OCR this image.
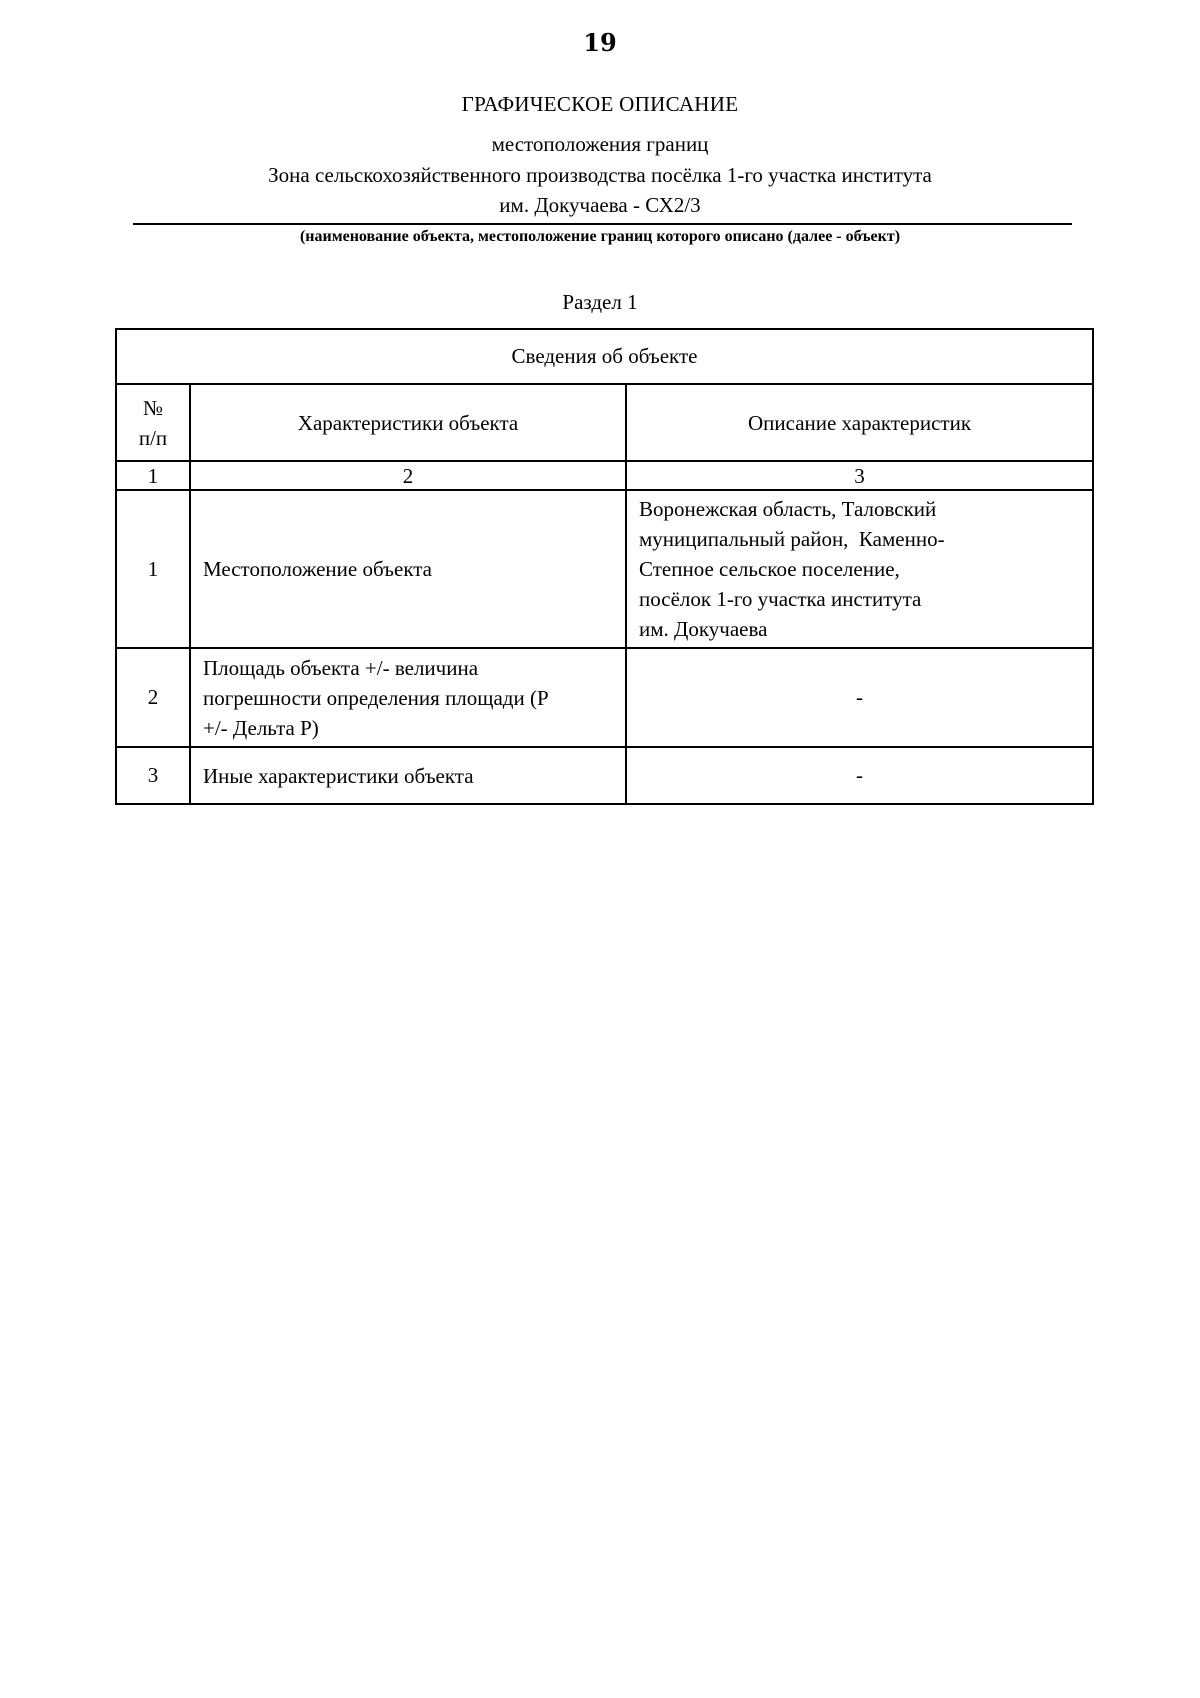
19
ГРАФИЧЕСКОЕ ОПИСАНИЕ
местоположения границ
Зона сельскохозяйственного производства посёлка 1-го участка института
им. Докучаева - СХ2/3
(наименование объекта, местоположение границ которого описано (далее - объект)
Раздел 1
Сведения об объекте		

№
п/п	Характеристики объекта	Описание характеристик
1	2	3
1	Местоположение объекта	Воронежская область, Таловский
муниципальный район,  Каменно-
Степное сельское поселение,
посёлок 1-го участка института
им. Докучаева

2	Площадь объекта +/- величина
погрешности определения площади (Р
+/- Дельта Р)	-
3	Иные характеристики объекта	-
